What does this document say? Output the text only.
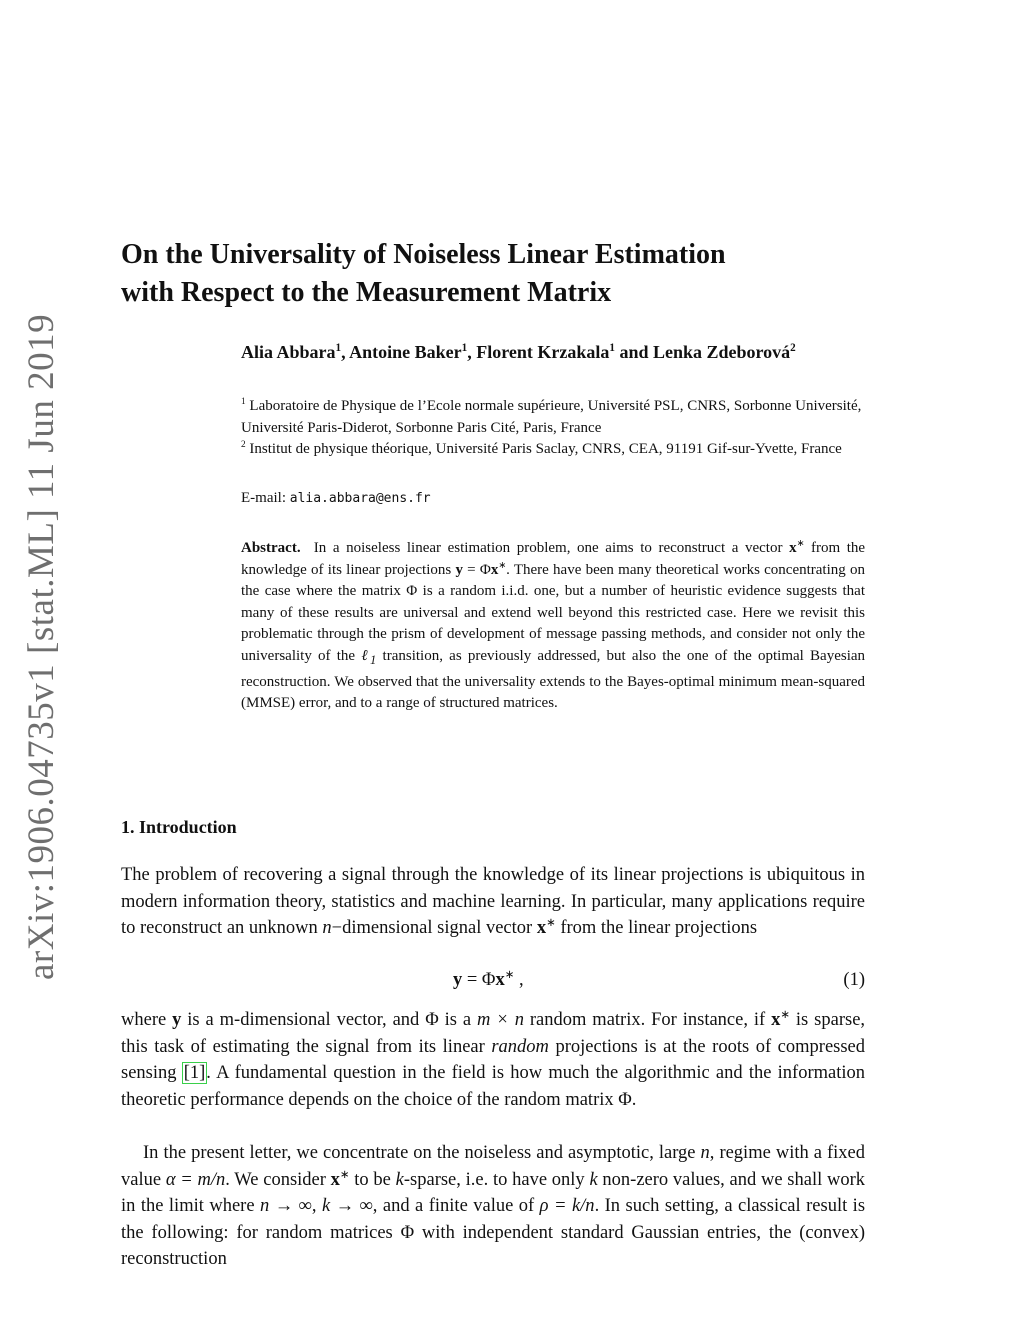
arXiv:1906.04735v1 [stat.ML] 11 Jun 2019
On the Universality of Noiseless Linear Estimation
with Respect to the Measurement Matrix
Alia Abbara$^1$, Antoine Baker$^1$, Florent Krzakala$^1$ and Lenka Zdeborová$^2$
$^1$ Laboratoire de Physique de l’Ecole normale supérieure, Université PSL, CNRS, Sorbonne Université, Université Paris-Diderot, Sorbonne Paris Cité, Paris, France
$^2$ Institut de physique théorique, Université Paris Saclay, CNRS, CEA, 91191 Gif-sur-Yvette, France
E-mail: alia.abbara@ens.fr

Abstract. In a noiseless linear estimation problem, one aims to reconstruct a vector x∗ from the knowledge of its linear projections y = Φx∗. There have been many theoretical works concentrating on the case where the matrix Φ is a random i.i.d. one, but a number of heuristic evidence suggests that many of these results are universal and extend well beyond this restricted case. Here we revisit this problematic through the prism of development of message passing methods, and consider not only the universality of the ℓ$_1$ transition, as previously addressed, but also the one of the optimal Bayesian reconstruction. We observed that the universality extends to the Bayes-optimal minimum mean-squared (MMSE) error, and to a range of structured matrices.

1. Introduction

The problem of recovering a signal through the knowledge of its linear projections is ubiquitous in modern information theory, statistics and machine learning. In particular, many applications require to reconstruct an unknown n−dimensional signal vector x∗ from the linear projections

y = Φx∗ ,	(1)

where y is a m-dimensional vector, and Φ is a m × n random matrix. For instance, if x∗ is sparse, this task of estimating the signal from its linear random projections is at the roots of compressed sensing [1]. A fundamental question in the field is how much the algorithmic and the information theoretic performance depends on the choice of the random matrix Φ.

In the present letter, we concentrate on the noiseless and asymptotic, large n, regime with a fixed value α = m/n. We consider x∗ to be k-sparse, i.e. to have only k non-zero values, and we shall work in the limit where n → ∞, k → ∞, and a finite value of ρ = k/n. In such setting, a classical result is the following: for random matrices Φ with independent standard Gaussian entries, the (convex) reconstruction
